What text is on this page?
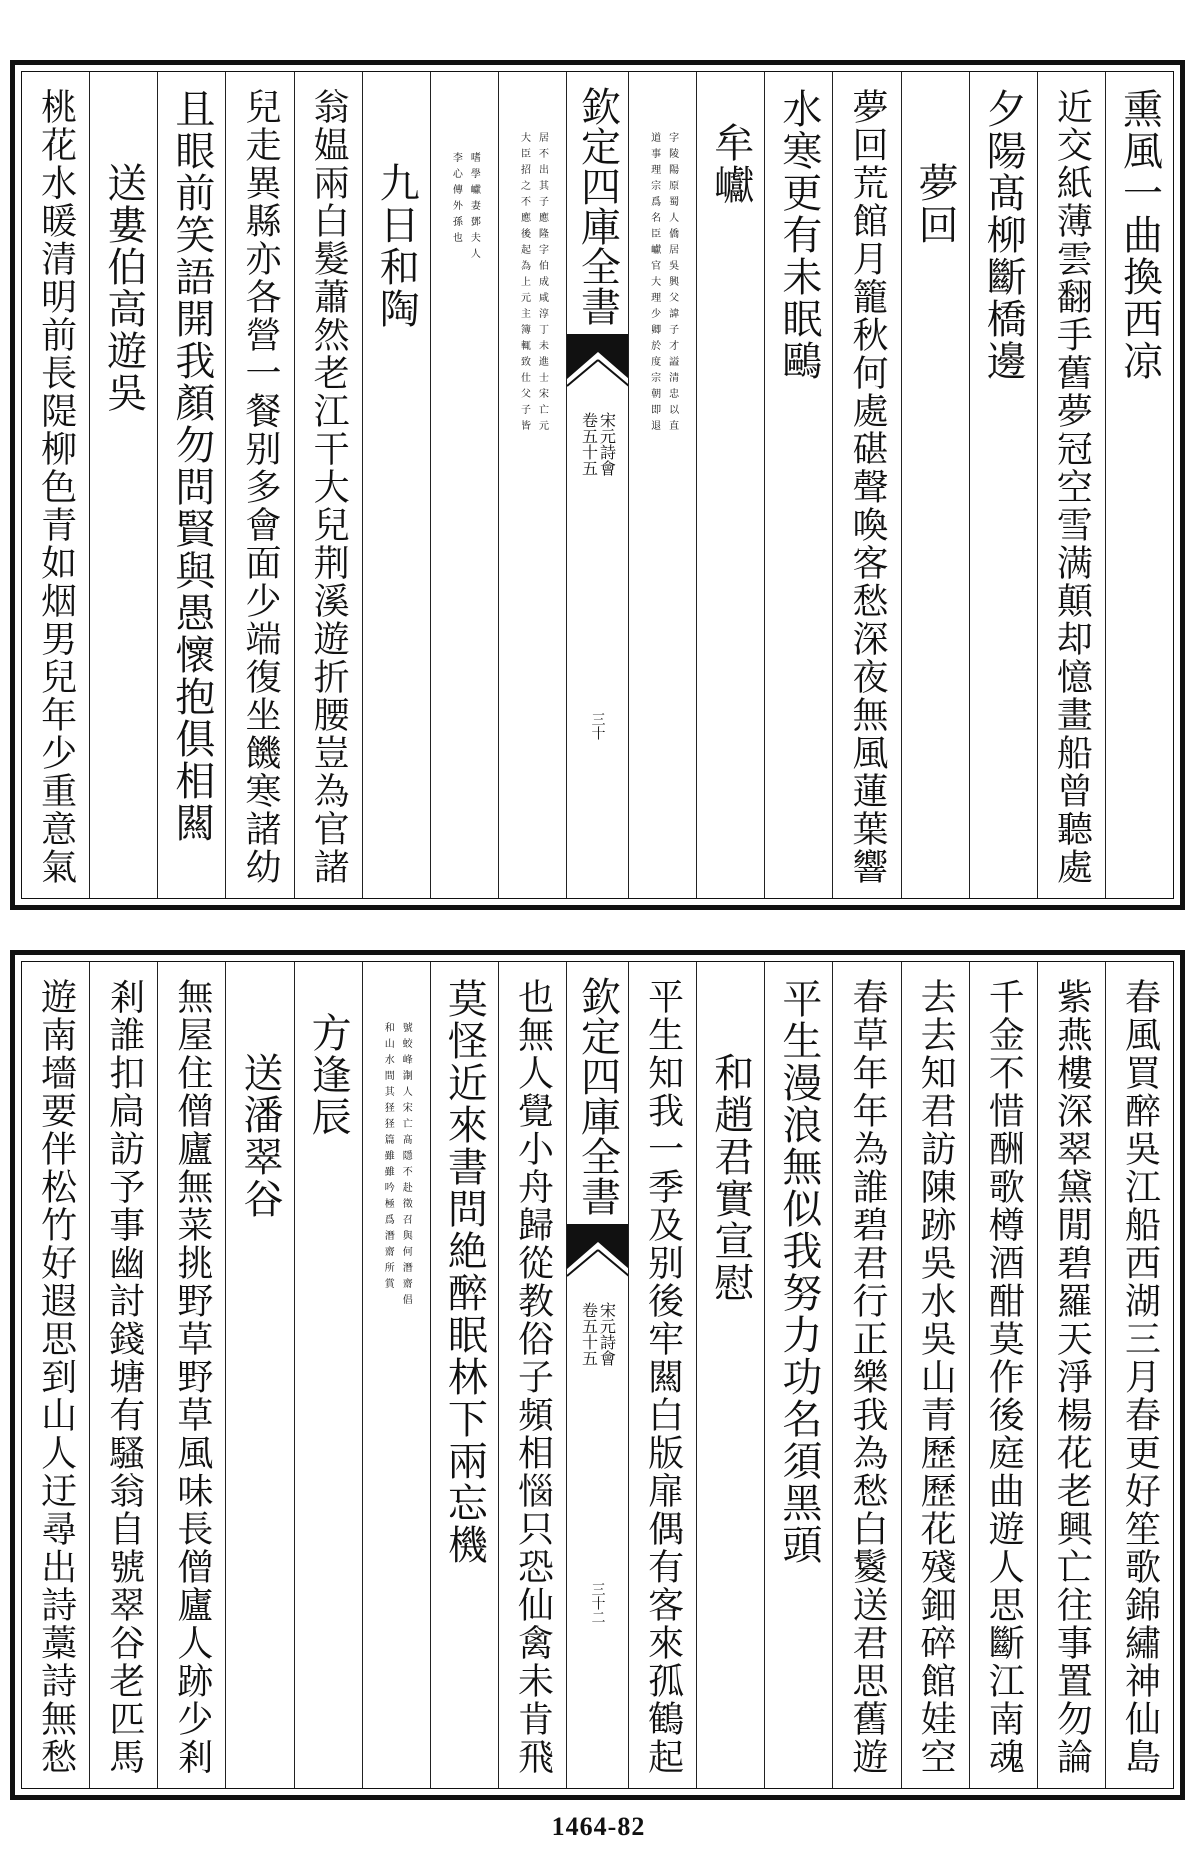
熏風一曲換西凉
近交紙薄雲翻手舊夢冠空雪满顛却憶畫船曾聽處
夕陽髙柳斷橋邊
夢回
夢回荒館月籠秋何處碪聲喚客愁深夜無風蓮葉響
水寒更有未眠鷗
牟巘
字陵陽原蜀人僑居吳興父諱子才謚清忠以直
道事理宗爲名臣巘官大理少卿於度宗朝即退
欽定四庫全書
宋元詩會
卷五十五
三十
居不出其子應隆字伯成咸淳丁未進士宋亡元
大臣招之不應後起為上元主簿輒致仕父子皆
嗜學巘妻鄧夫人
李心傳外孫也
九日和陶
翁媪兩白髮蕭然老江干大兒荆溪遊折腰豈為官諸
兒走異縣亦各營一餐别多會面少端復坐饑寒諸幼
且眼前笑語開我顏勿問賢與愚懷抱俱相闗
送婁伯高遊吳
桃花水暖清明前長隄柳色青如烟男兒年少重意氣
春風買醉吳江船西湖三月春更好笙歌錦繡神仙島
紫燕樓深翠黛閒碧羅天淨楊花老興亡往事置勿論
千金不惜酬歌樽酒酣莫作後庭曲遊人思斷江南魂
去去知君訪陳跡吳水吳山青歷歷花殘鈿碎館娃空
春草年年為誰碧君行正樂我為愁白鬉送君思舊遊
平生漫浪無似我努力功名須黑頭
和趙君實宣慰
平生知我一季及别後牢闗白版扉偶有客來孤鶴起
欽定四庫全書
宋元詩會
卷五十五
三十二
也無人覺小舟歸從教俗子頻相惱只恐仙禽未肯飛
莫怪近來書問絶醉眠林下兩忘機
號蛟峰淛人宋亡髙隱不赴徵召與何潛齋倡
和山水間其㹩㹩篇雖雖吟極爲潛齋所賞
方逢辰
送潘翠谷
無屋住僧廬無菜挑野草野草風味長僧廬人跡少剎
剎誰扣扃訪予事幽討錢塘有騷翁自號翠谷老匹馬
遊南墻要伴松竹好遐思到山人迂尋出詩藁詩無愁
1464-82
